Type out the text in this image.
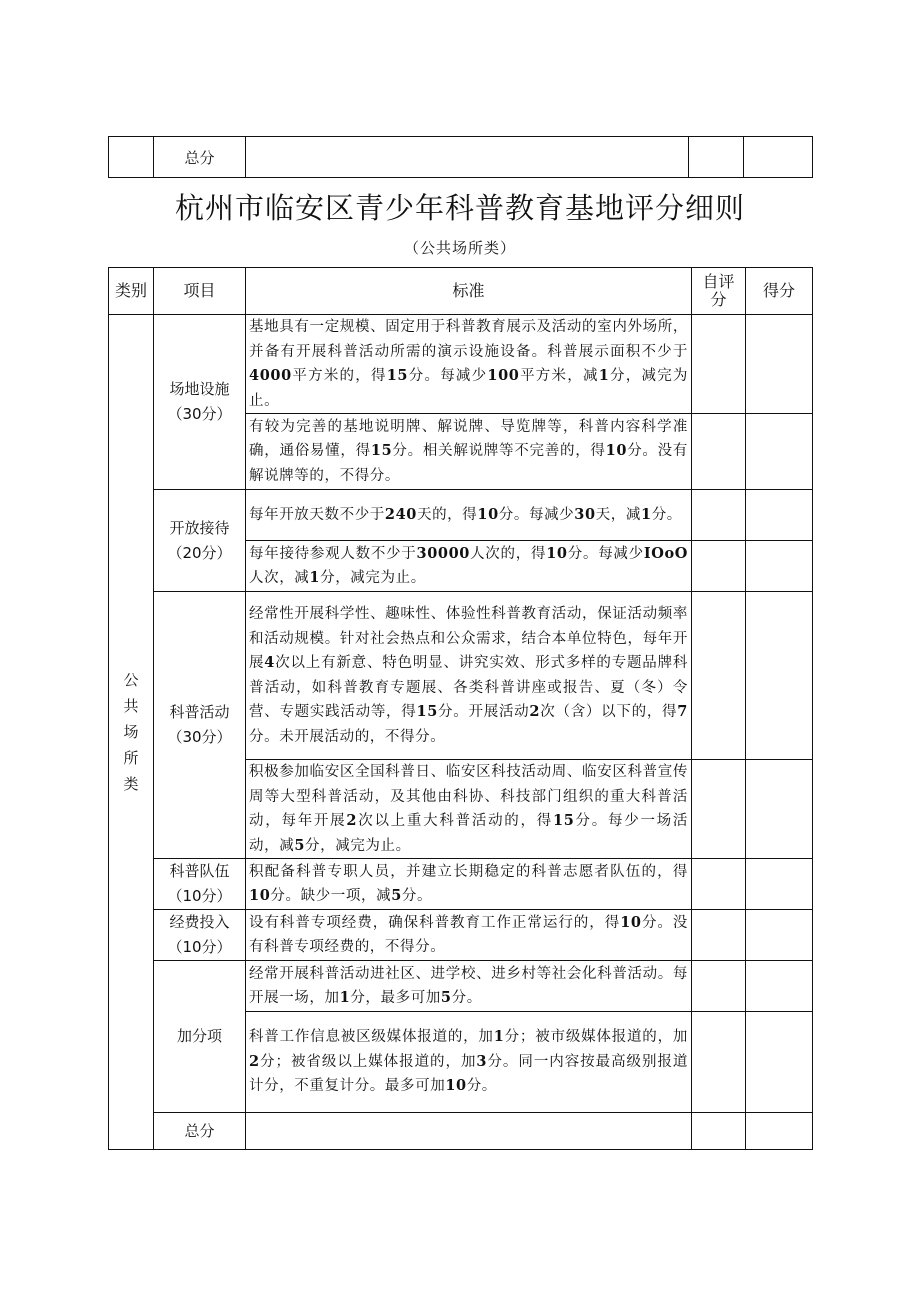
	总分			
杭州市临安区青少年科普教育基地评分细则
（公共场所类）
类别	项目	标准	自评分	得分
公共场所类	场地设施（30分）	基地具有一定规模、固定用于科普教育展示及活动的室内外场所，并备有开展科普活动所需的演示设施设备。科普展示面积不少于4000平方米的，得15分。每减少100平方米，减1分，减完为止。		
		有较为完善的基地说明牌、解说牌、导览牌等，科普内容科学准确，通俗易懂，得15分。相关解说牌等不完善的，得10分。没有解说牌等的，不得分。		
	开放接待（20分）	每年开放天数不少于240天的，得10分。每减少30天，减1分。		
		每年接待参观人数不少于30000人次的，得10分。每减少IOoO人次，减1分，减完为止。		
	科普活动（30分）	经常性开展科学性、趣味性、体验性科普教育活动，保证活动频率和活动规模。针对社会热点和公众需求，结合本单位特色，每年开展4次以上有新意、特色明显、讲究实效、形式多样的专题品牌科普活动，如科普教育专题展、各类科普讲座或报告、夏（冬）令营、专题实践活动等，得15分。开展活动2次（含）以下的，得7分。未开展活动的，不得分。		
		积极参加临安区全国科普日、临安区科技活动周、临安区科普宣传周等大型科普活动，及其他由科协、科技部门组织的重大科普活动，每年开展2次以上重大科普活动的，得15分。每少一场活动，减5分，减完为止。		
	科普队伍（10分）	积配备科普专职人员，并建立长期稳定的科普志愿者队伍的，得10分。缺少一项，减5分。		
	经费投入（10分）	设有科普专项经费，确保科普教育工作正常运行的，得10分。没有科普专项经费的，不得分。		
	加分项	经常开展科普活动进社区、进学校、进乡村等社会化科普活动。每开展一场，加1分，最多可加5分。		
		科普工作信息被区级媒体报道的，加1分；被市级媒体报道的，加2分；被省级以上媒体报道的，加3分。同一内容按最高级别报道计分，不重复计分。最多可加10分。		
	总分			
